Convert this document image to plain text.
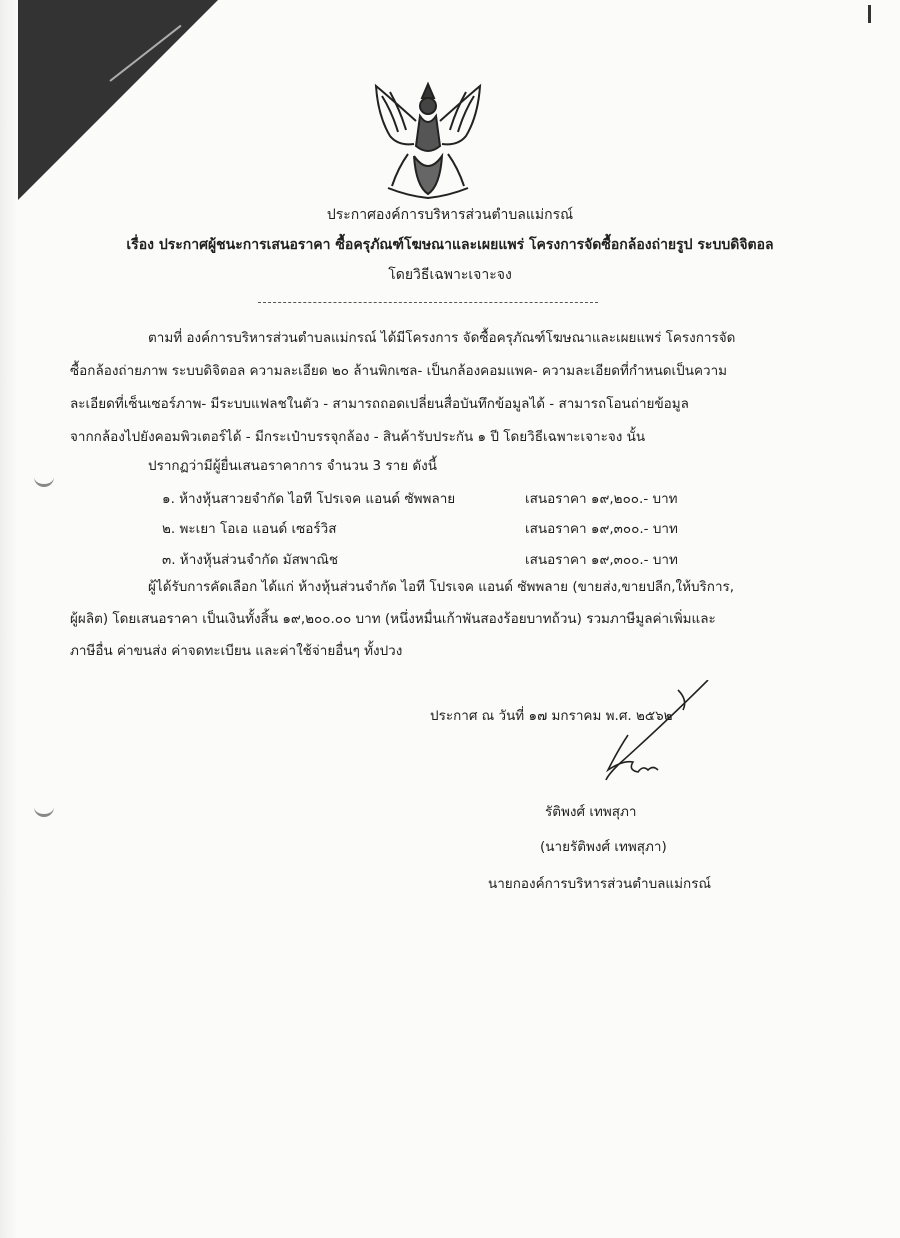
ประกาศองค์การบริหารส่วนตำบลแม่กรณ์
เรื่อง ประกาศผู้ชนะการเสนอราคา ซื้อครุภัณฑ์โฆษณาและเผยแพร่ โครงการจัดซื้อกล้องถ่ายรูป ระบบดิจิตอล
โดยวิธีเฉพาะเจาะจง
ตามที่ องค์การบริหารส่วนตำบลแม่กรณ์ ได้มีโครงการ จัดซื้อครุภัณฑ์โฆษณาและเผยแพร่ โครงการจัด
ซื้อกล้องถ่ายภาพ ระบบดิจิตอล ความละเอียด ๒๐ ล้านพิกเซล- เป็นกล้องคอมแพค- ความละเอียดที่กำหนดเป็นความ
ละเอียดที่เซ็นเซอร์ภาพ- มีระบบแฟลชในตัว - สามารถถอดเปลี่ยนสื่อบันทึกข้อมูลได้ - สามารถโอนถ่ายข้อมูล
จากกล้องไปยังคอมพิวเตอร์ได้ - มีกระเป๋าบรรจุกล้อง - สินค้ารับประกัน ๑ ปี โดยวิธีเฉพาะเจาะจง นั้น
ปรากฏว่ามีผู้ยื่นเสนอราคาการ จำนวน 3 ราย ดังนี้
๑. ห้างหุ้นสาวยจำกัด ไอที โปรเจค แอนด์ ซัพพลาย	เสนอราคา ๑๙,๒๐๐.- บาท
๒. พะเยา โอเอ แอนด์ เซอร์วิส	เสนอราคา ๑๙,๓๐๐.- บาท
๓. ห้างหุ้นส่วนจำกัด มัสพาณิช	เสนอราคา ๑๙,๓๐๐.- บาท
ผู้ได้รับการคัดเลือก ได้แก่ ห้างหุ้นส่วนจำกัด ไอที โปรเจค แอนด์ ซัพพลาย (ขายส่ง,ขายปลีก,ให้บริการ,
ผู้ผลิต) โดยเสนอราคา เป็นเงินทั้งสิ้น ๑๙,๒๐๐.๐๐ บาท (หนึ่งหมื่นเก้าพันสองร้อยบาทถ้วน) รวมภาษีมูลค่าเพิ่มและ
ภาษีอื่น ค่าขนส่ง ค่าจดทะเบียน และค่าใช้จ่ายอื่นๆ ทั้งปวง
ประกาศ ณ วันที่ ๑๗ มกราคม พ.ศ. ๒๕๖๒
รัติพงศ์ เทพสุภา
(นายรัติพงศ์ เทพสุภา)
นายกองค์การบริหารส่วนตำบลแม่กรณ์
